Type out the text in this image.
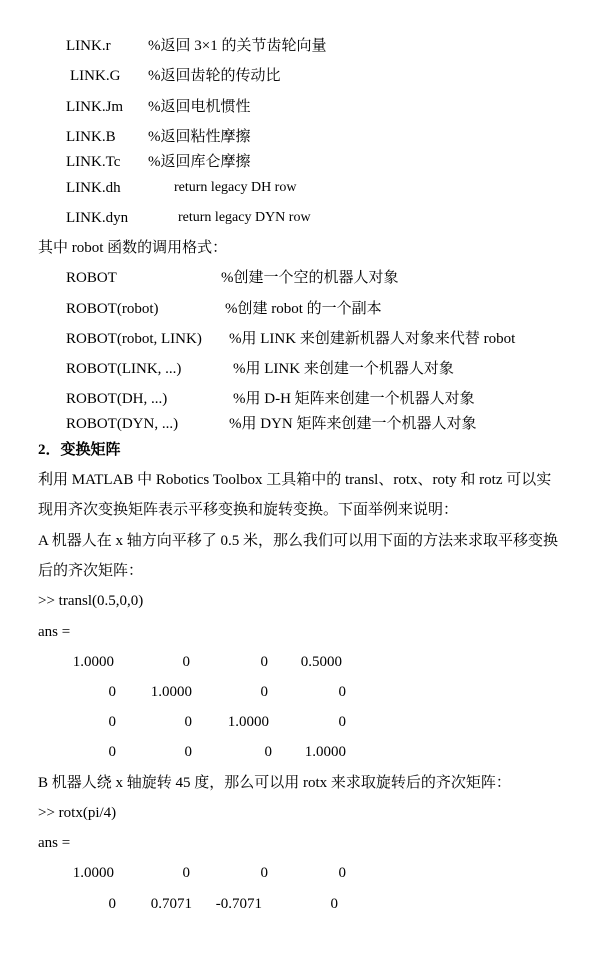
LINK.r %返回 3×1 的关节齿轮向量
LINK.G %返回齿轮的传动比
LINK.Jm %返回电机惯性
LINK.B %返回粘性摩擦
LINK.Tc %返回库仑摩擦
LINK.dh	return legacy DH row
LINK.dyn	return legacy DYN row
其中 robot 函数的调用格式：
ROBOT	%创建一个空的机器人对象
ROBOT(robot)	%创建 robot 的一个副本
ROBOT(robot, LINK) %用 LINK 来创建新机器人对象来代替 robot
ROBOT(LINK, ...)	%用 LINK 来创建一个机器人对象
ROBOT(DH, ...)	%用 D-H 矩阵来创建一个机器人对象
ROBOT(DYN, ...)	%用 DYN 矩阵来创建一个机器人对象
2．变换矩阵
利用 MATLAB 中 Robotics Toolbox 工具箱中的 transl、rotx、roty 和 rotz 可以实
现用齐次变换矩阵表示平移变换和旋转变换。下面举例来说明：
A 机器人在 x 轴方向平移了 0.5 米，那么我们可以用下面的方法来求取平移变换
后的齐次矩阵：
>> transl(0.5,0,0)
ans =
1.0000	0	0	0.5000
0	1.0000	0	0
0	0	1.0000	0
0	0	0	1.0000
B 机器人绕 x 轴旋转 45 度，那么可以用 rotx 来求取旋转后的齐次矩阵：
>> rotx(pi/4)
ans =
1.0000	0	0	0
0	0.7071	-0.7071	0
